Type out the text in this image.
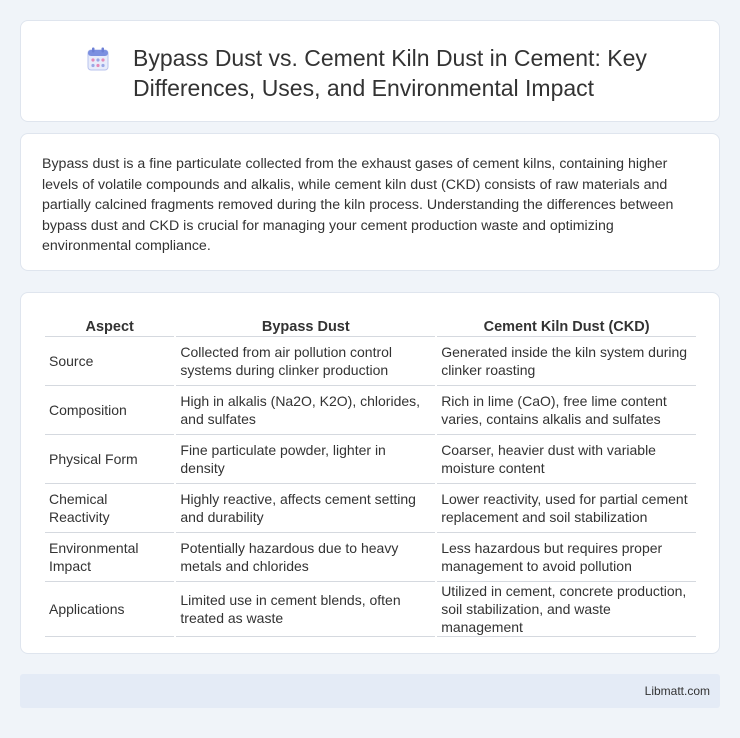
Bypass Dust vs. Cement Kiln Dust in Cement: Key Differences, Uses, and Environmental Impact

Bypass dust is a fine particulate collected from the exhaust gases of cement kilns, containing higher levels of volatile compounds and alkalis, while cement kiln dust (CKD) consists of raw materials and partially calcined fragments removed during the kiln process. Understanding the differences between bypass dust and CKD is crucial for managing your cement production waste and optimizing environmental compliance.

Aspect	Bypass Dust	Cement Kiln Dust (CKD)
Source	Collected from air pollution control systems during clinker production	Generated inside the kiln system during clinker roasting
Composition	High in alkalis (Na2O, K2O), chlorides, and sulfates	Rich in lime (CaO), free lime content varies, contains alkalis and sulfates
Physical Form	Fine particulate powder, lighter in density	Coarser, heavier dust with variable moisture content
Chemical Reactivity	Highly reactive, affects cement setting and durability	Lower reactivity, used for partial cement replacement and soil stabilization
Environmental Impact	Potentially hazardous due to heavy metals and chlorides	Less hazardous but requires proper management to avoid pollution
Applications	Limited use in cement blends, often treated as waste	Utilized in cement, concrete production, soil stabilization, and waste management
Libmatt.com
